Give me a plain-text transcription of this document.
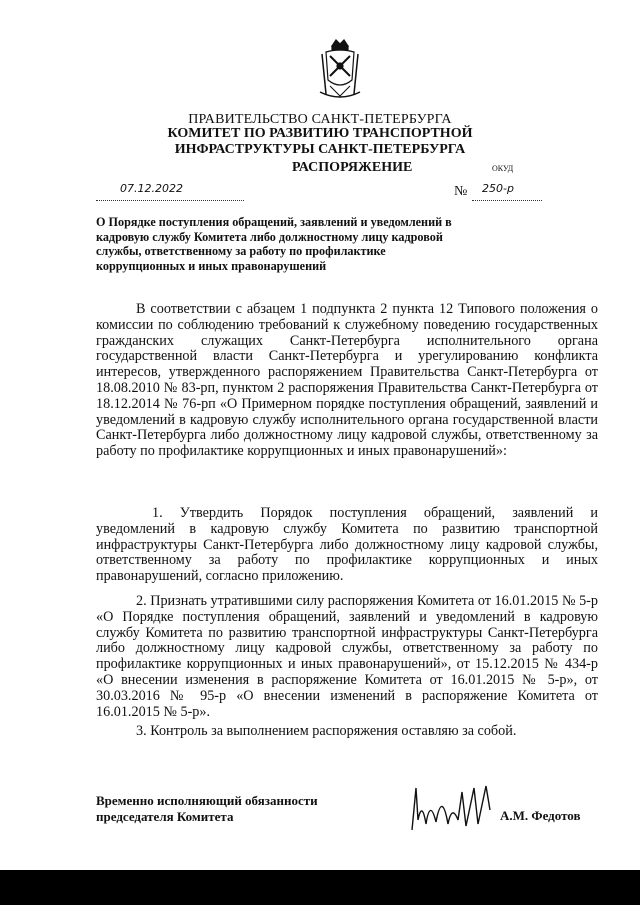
ПРАВИТЕЛЬСТВО САНКТ-ПЕТЕРБУРГА
КОМИТЕТ ПО РАЗВИТИЮ ТРАНСПОРТНОЙ
ИНФРАСТРУКТУРЫ САНКТ-ПЕТЕРБУРГА
РАСПОРЯЖЕНИЕ	ОКУД
07.12.2022	№ 250-р
О Порядке поступления обращений, заявлений и уведомлений в кадровую службу Комитета либо должностному лицу кадровой службы, ответственному за работу по профилактике коррупционных и иных правонарушений
В соответствии с абзацем 1 подпункта 2 пункта 12 Типового положения о комиссии по соблюдению требований к служебному поведению государственных гражданских служащих Санкт-Петербурга исполнительного органа государственной власти Санкт-Петербурга и урегулированию конфликта интересов, утвержденного распоряжением Правительства Санкт-Петербурга от 18.08.2010 № 83-рп, пунктом 2 распоряжения Правительства Санкт-Петербурга от 18.12.2014 № 76-рп «О Примерном порядке поступления обращений, заявлений и уведомлений в кадровую службу исполнительного органа государственной власти Санкт-Петербурга либо должностному лицу кадровой службы, ответственному за работу по профилактике коррупционных и иных правонарушений»:
1. Утвердить Порядок поступления обращений, заявлений и уведомлений в кадровую службу Комитета по развитию транспортной инфраструктуры Санкт-Петербурга либо должностному лицу кадровой службы, ответственному за работу по профилактике коррупционных и иных правонарушений, согласно приложению.
2. Признать утратившими силу распоряжения Комитета от 16.01.2015 № 5-р «О Порядке поступления обращений, заявлений и уведомлений в кадровую службу Комитета по развитию транспортной инфраструктуры Санкт-Петербурга либо должностному лицу кадровой службы, ответственному за работу по профилактике коррупционных и иных правонарушений», от 15.12.2015 № 434-р «О внесении изменения в распоряжение Комитета от 16.01.2015 № 5-р», от 30.03.2016 № 95-р «О внесении изменений в распоряжение Комитета от 16.01.2015 № 5-р».
3. Контроль за выполнением распоряжения оставляю за собой.
Временно исполняющий обязанности
председателя Комитета	А.М. Федотов
